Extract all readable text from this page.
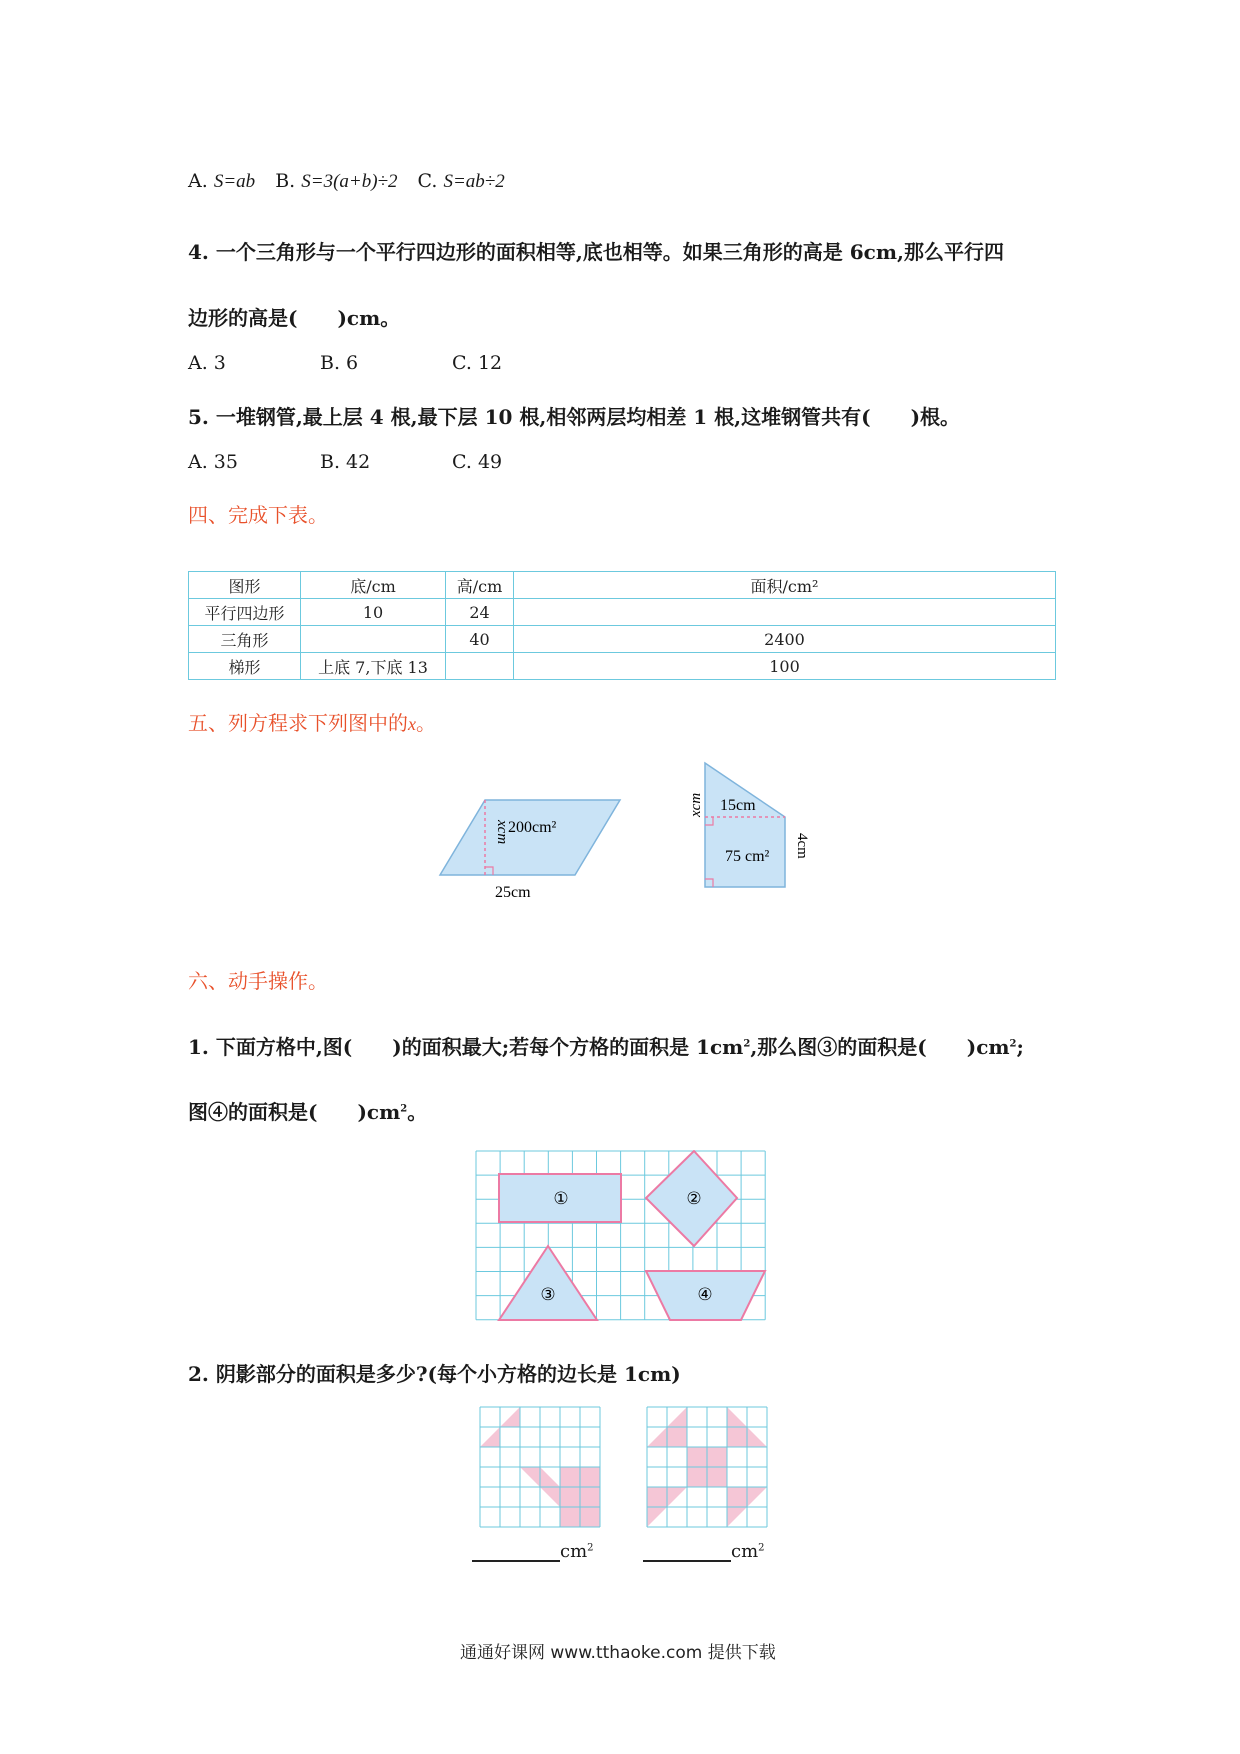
A. S=ab B. S=3(a+b)÷2 C. S=ab÷2
4. 一个三角形与一个平行四边形的面积相等,底也相等。如果三角形的高是 6cm,那么平行四
边形的高是(　　)cm。
A. 3	B. 6	C. 12
5. 一堆钢管,最上层 4 根,最下层 10 根,相邻两层均相差 1 根,这堆钢管共有(　　)根。
A. 35	B. 42	C. 49
四、完成下表。
图形	底/cm	高/cm	面积/cm²
平行四边形	10	24	
三角形		40	2400
梯形	上底 7,下底 13		100
五、列方程求下列图中的x。
200cm²
xcm
25cm
15cm
xcm
75 cm² 4cm
六、动手操作。
1. 下面方格中,图(　　)的面积最大;若每个方格的面积是 $1cm^2$,那么图③的面积是(　　)$cm^2$;
图④的面积是(　　)$cm^2$。
①	②
③	④
2. 阴影部分的面积是多少?(每个小方格的边长是 1cm)
$cm^2$	$cm^2$
通通好课网 www.tthaoke.com 提供下载
